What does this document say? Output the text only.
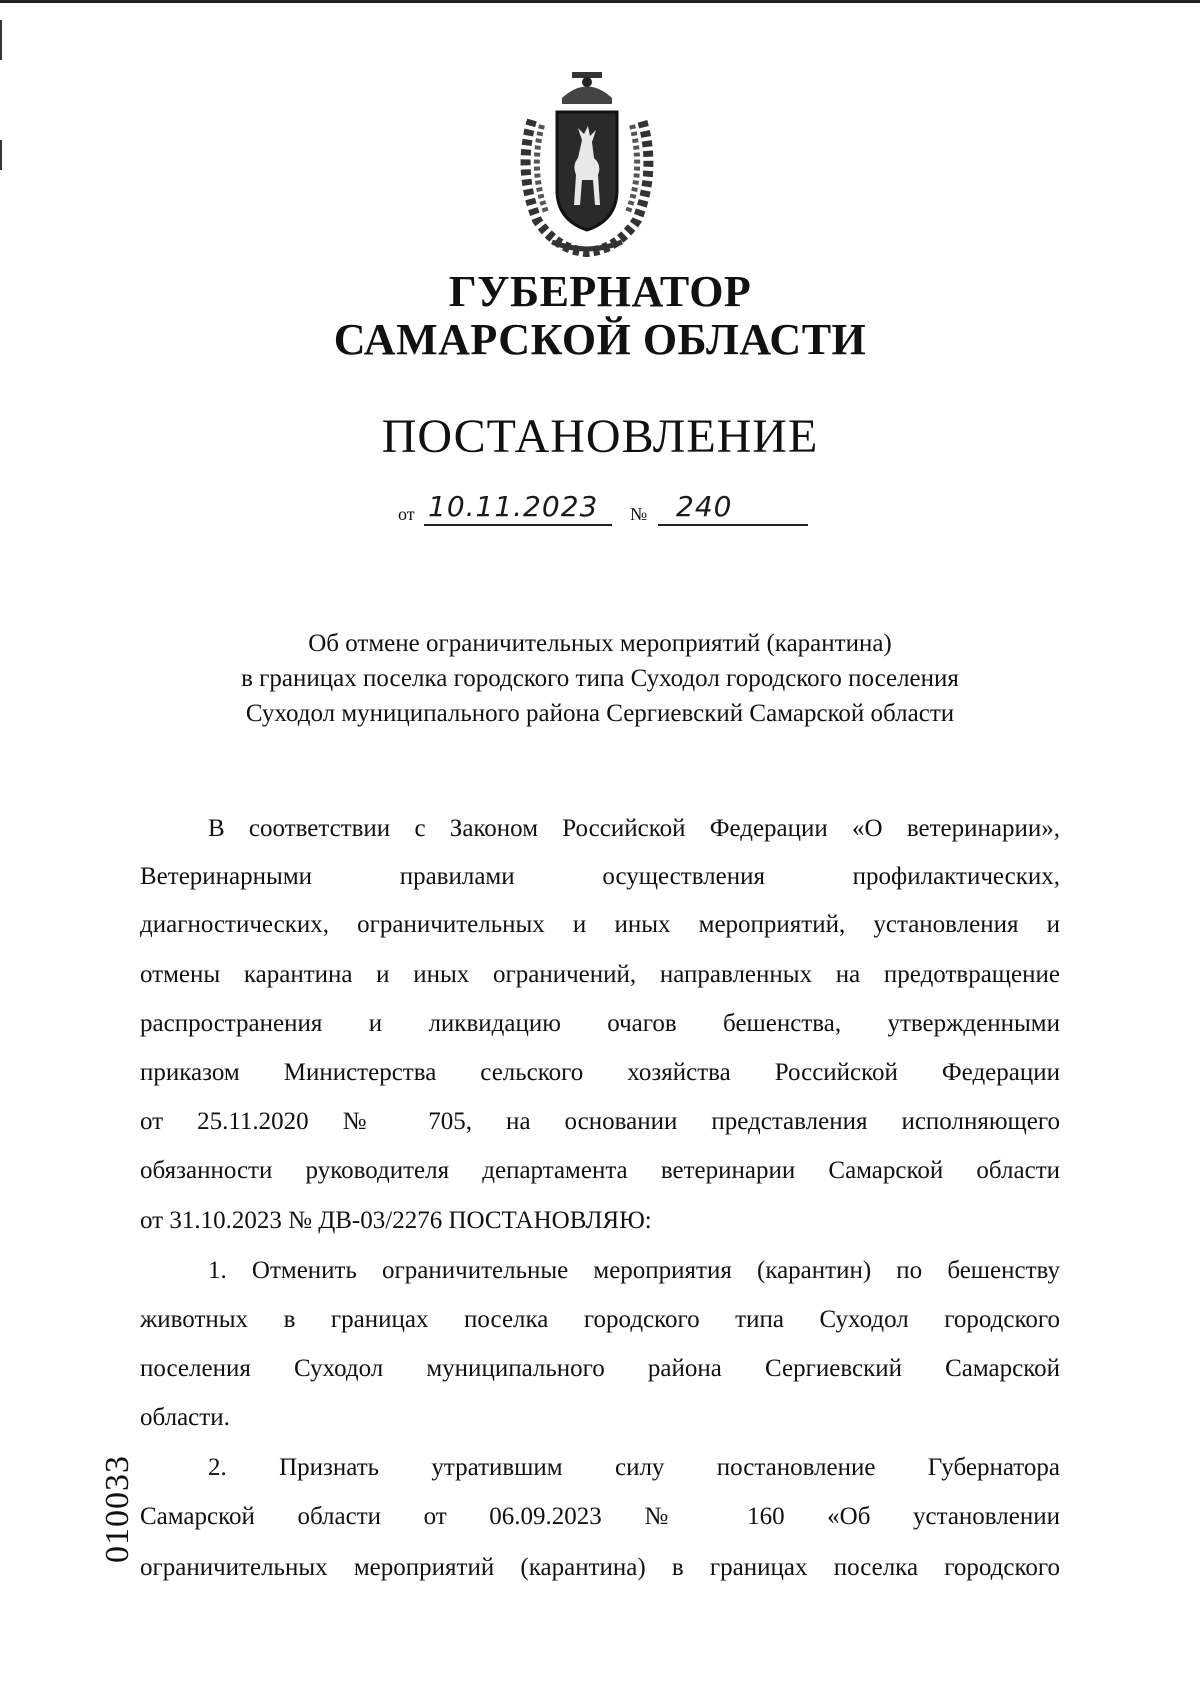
ГУБЕРНАТОР
САМАРСКОЙ ОБЛАСТИ
ПОСТАНОВЛЕНИЕ
от 10.11.2023 № 240
Об отмене ограничительных мероприятий (карантина)
в границах поселка городского типа Суходол городского поселения
Суходол муниципального района Сергиевский Самарской области
В соответствии с Законом Российской Федерации «О ветеринарии»,
Ветеринарными правилами осуществления профилактических,
диагностических, ограничительных и иных мероприятий, установления и
отмены карантина и иных ограничений, направленных на предотвращение
распространения и ликвидацию очагов бешенства, утвержденными
приказом Министерства сельского хозяйства Российской Федерации
от 25.11.2020 № 705, на основании представления исполняющего
обязанности руководителя департамента ветеринарии Самарской области
от 31.10.2023 № ДВ-03/2276 ПОСТАНОВЛЯЮ:
1. Отменить ограничительные мероприятия (карантин) по бешенству
животных в границах поселка городского типа Суходол городского
поселения Суходол муниципального района Сергиевский Самарской
области.
2. Признать утратившим силу постановление Губернатора
Самарской области от 06.09.2023 № 160 «Об установлении
ограничительных мероприятий (карантина) в границах поселка городского
010033
